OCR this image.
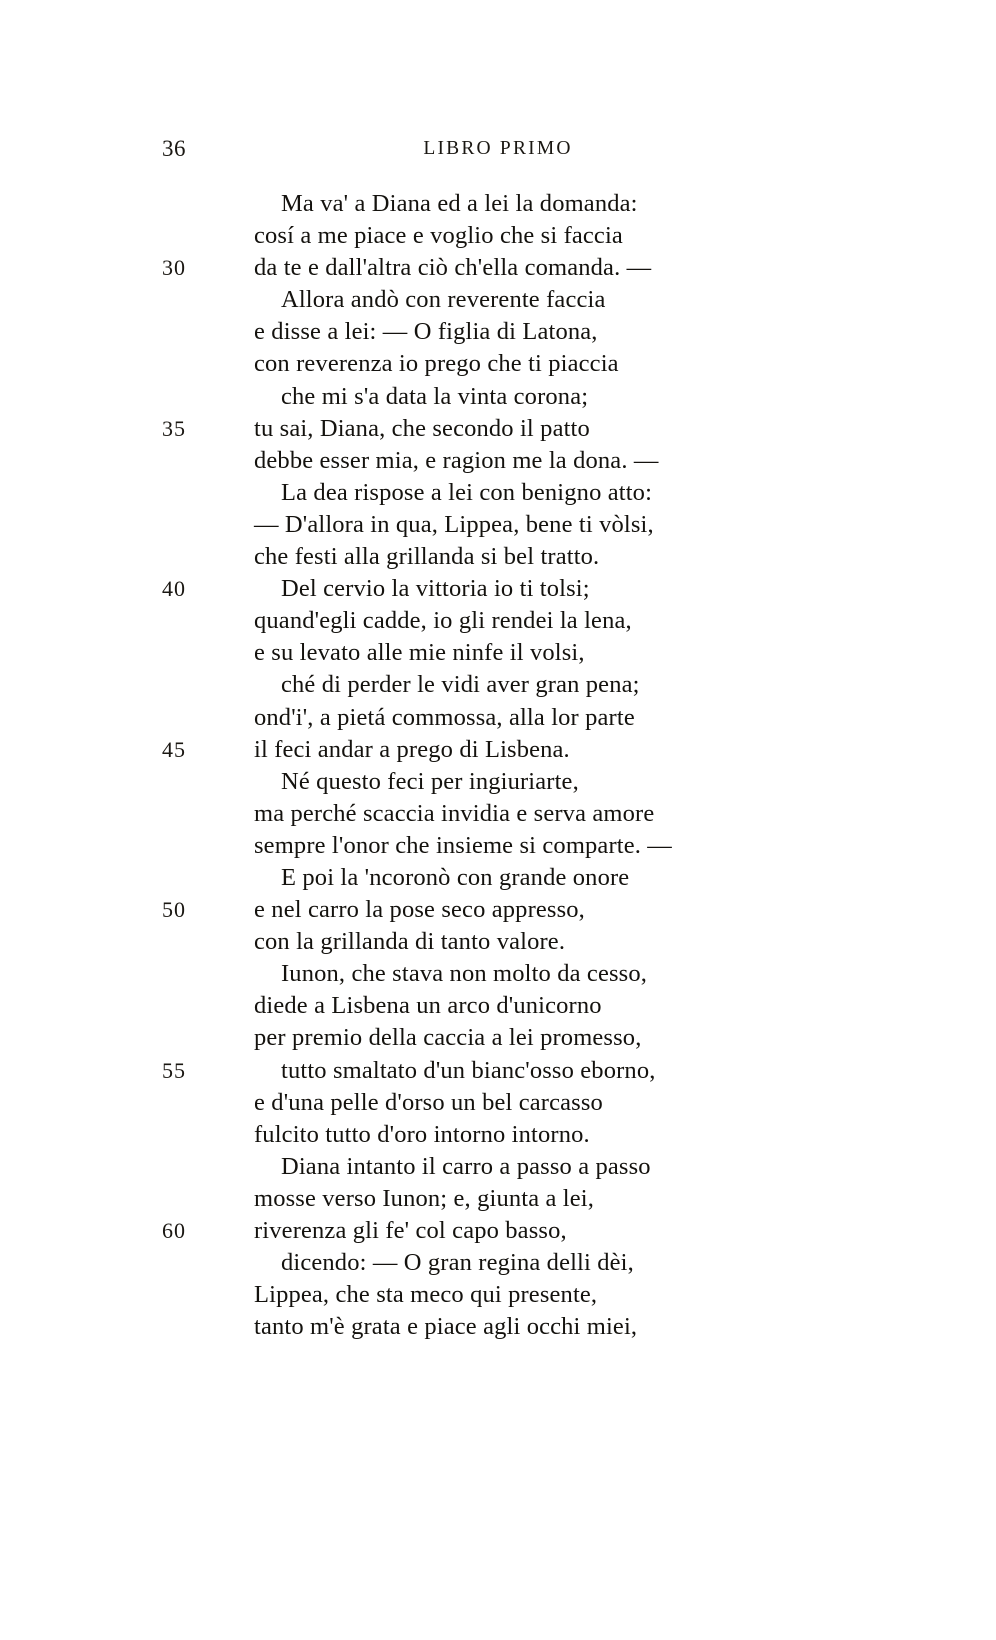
36	LIBRO PRIMO
Ma va' a Diana ed a lei la domanda:
cosí a me piace e voglio che si faccia
30	da te e dall'altra ciò ch'ella comanda. —
Allora andò con reverente faccia
e disse a lei: — O figlia di Latona,
con reverenza io prego che ti piaccia
che mi s'a data la vinta corona;
35	tu sai, Diana, che secondo il patto
debbe esser mia, e ragion me la dona. —
La dea rispose a lei con benigno atto:
— D'allora in qua, Lippea, bene ti vòlsi,
che festi alla grillanda si bel tratto.
40	Del cervio la vittoria io ti tolsi;
quand'egli cadde, io gli rendei la lena,
e su levato alle mie ninfe il volsi,
ché di perder le vidi aver gran pena;
ond'i', a pietá commossa, alla lor parte
45	il feci andar a prego di Lisbena.
Né questo feci per ingiuriarte,
ma perché scaccia invidia e serva amore
sempre l'onor che insieme si comparte. —
E poi la 'ncoronò con grande onore
50	e nel carro la pose seco appresso,
con la grillanda di tanto valore.
Iunon, che stava non molto da cesso,
diede a Lisbena un arco d'unicorno
per premio della caccia a lei promesso,
55	tutto smaltato d'un bianc'osso eborno,
e d'una pelle d'orso un bel carcasso
fulcito tutto d'oro intorno intorno.
Diana intanto il carro a passo a passo
mosse verso Iunon; e, giunta a lei,
60	riverenza gli fe' col capo basso,
dicendo: — O gran regina delli dèi,
Lippea, che sta meco qui presente,
tanto m'è grata e piace agli occhi miei,
